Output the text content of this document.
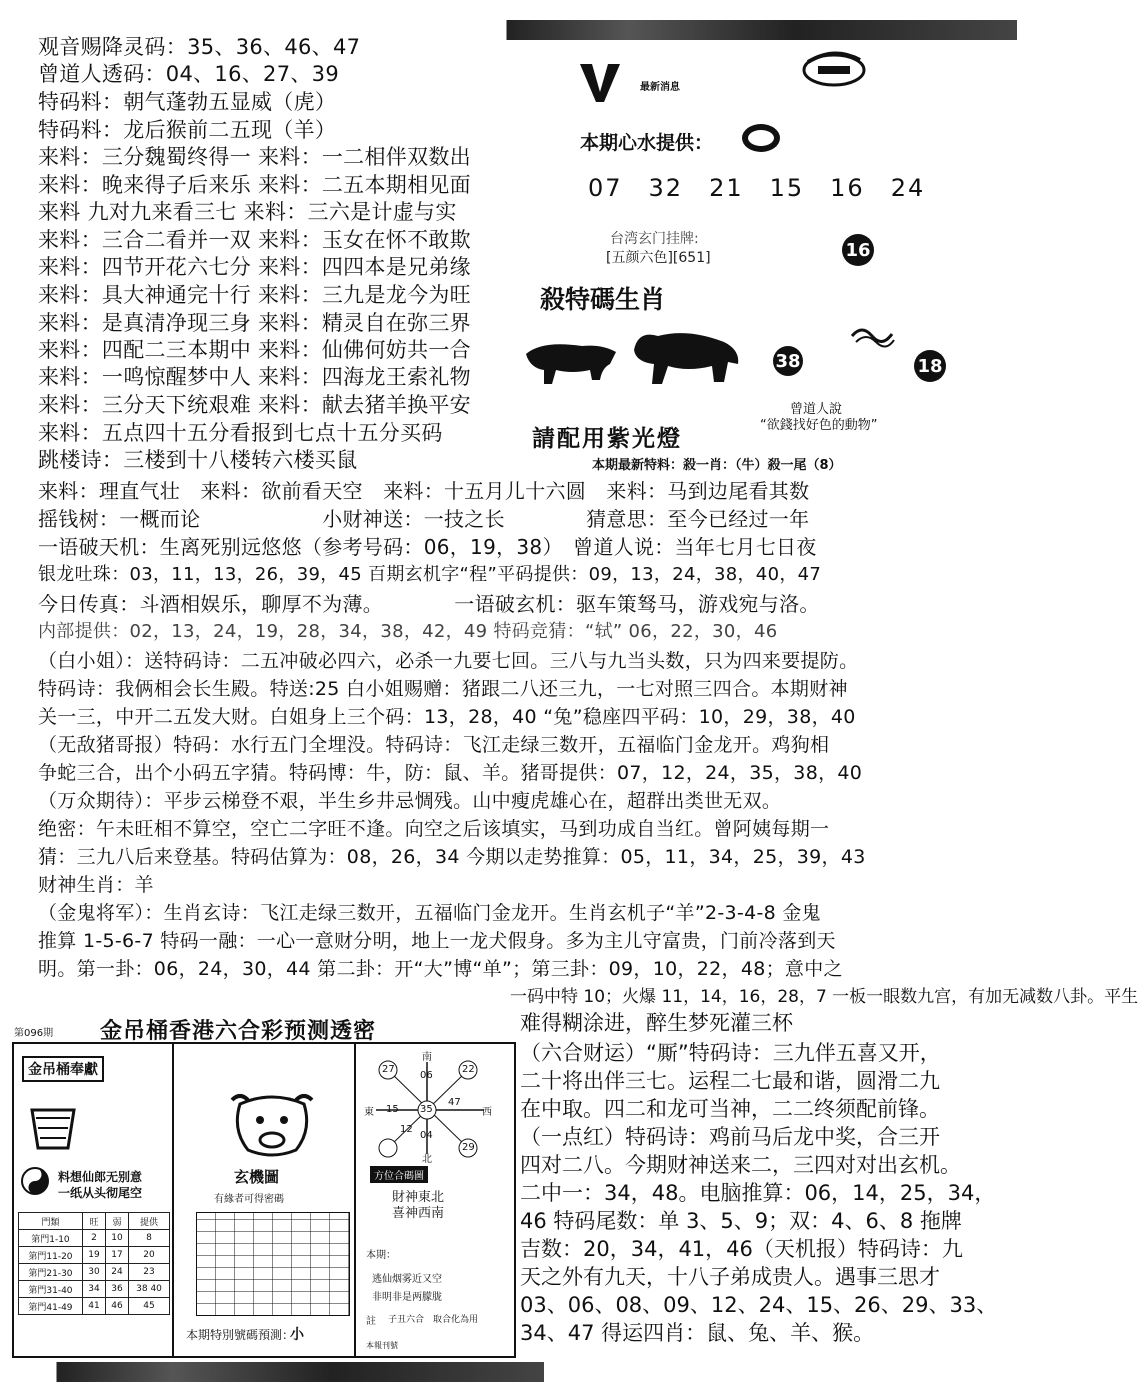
观音赐降灵码：35、36、46、47
曾道人透码：04、16、27、39
特码料：朝气蓬勃五显威（虎）
特码料：龙后猴前二五现（羊）
来料：三分魏蜀终得一 来料：一二相伴双数出
来料：晚来得子后来乐 来料：二五本期相见面
来料 九对九来看三七 来料：三六是计虚与实
来料：三合二看并一双 来料：玉女在怀不敢欺
来料：四节开花六七分 来料：四四本是兄弟缘
来料：具大神通完十行 来料：三九是龙今为旺
来料：是真清净现三身 来料：精灵自在弥三界
来料：四配二三本期中 来料：仙佛何妨共一合
来料：一鸣惊醒梦中人 来料：四海龙王索礼物
来料：三分天下统艰难 来料：献去猪羊换平安
来料：五点四十五分看报到七点十五分买码
跳楼诗：三楼到十八楼转六楼买鼠
最新消息
本期心水提供：
07　32　21　15　16　24
台湾玄门挂牌:
[五颜六色][651]	16
殺特碼生肖
38	18
曾道人說
“欲錢找好色的動物”
請配用紫光燈
本期最新特料：殺一肖：（牛）殺一尾（8）
来料：理直气壮　来料：欲前看天空　来料：十五月儿十六圆　来料：马到边尾看其数
摇钱树：一概而论　　　　　　小财神送：一技之长　　　　猜意思：至今已经过一年
一语破天机：生离死别远悠悠（参考号码：06，19，38）　曾道人说：当年七月七日夜
银龙吐珠：03，11，13，26，39，45 百期玄机字“程”平码提供：09，13，24，38，40，47
今日传真：斗酒相娱乐，聊厚不为薄。　　　　一语破玄机：驱车策驽马，游戏宛与洛。
内部提供：02，13，24，19，28，34，38，42，49 特码竞猜：“轼” 06，22，30，46
（白小姐）：送特码诗：二五冲破必四六，必杀一九要七回。三八与九当头数，只为四来要提防。
特码诗：我俩相会长生殿。特送:25 白小姐赐赠：猪跟二八还三九，一七对照三四合。本期财神
关一三，中开二五发大财。白姐身上三个码：13，28，40 “兔”稳座四平码：10，29，38，40
（无敌猪哥报）特码：水行五门全埋没。特码诗：飞江走绿三数开，五福临门金龙开。鸡狗相
争蛇三合，出个小码五字猜。特码博：牛，防：鼠、羊。猪哥提供：07，12，24，35，38，40
（万众期待）：平步云梯登不艰，半生乡井忌惆残。山中瘦虎雄心在，超群出类世无双。
绝密：午未旺相不算空，空亡二字旺不逢。向空之后该填实，马到功成自当红。曾阿姨每期一
猜：三九八后来登基。特码估算为：08，26，34 今期以走势推算：05，11，34，25，39，43
财神生肖：羊
（金鬼将军）：生肖玄诗：飞江走绿三数开，五福临门金龙开。生肖玄机子“羊”2-3-4-8 金鬼
推算 1-5-6-7 特码一融：一心一意财分明，地上一龙犬假身。多为主儿守富贵，门前冷落到天
明。第一卦：06，24，30，44 第二卦：开“大”博“单”；第三卦：09，10，22，48；意中之
一码中特 10；火爆 11，14，16，28，7 一板一眼数九宫，有加无减数八卦。平生
难得糊涂进，醉生梦死灌三杯
（六合财运）“厮”特码诗：三九伴五喜又开，
二十将出伴三七。运程二七最和谐，圆滑二九
在中取。四二和龙可当神，二二终须配前锋。
（一点红）特码诗：鸡前马后龙中奖，合三开
四对二八。今期财神送来二，三四对对出玄机。
二中一：34，48。电脑推算：06，14，25，34，
46 特码尾数：单 3、5、9；双：4、6、8 拖牌
吉数：20，34，41，46（天机报）特码诗：九
天之外有九天，十八子弟成贵人。遇事三思才
03、06、08、09、12、24、15、26、29、33、
34、47 得运四肖：鼠、兔、羊、猴。
第096期 金吊桶香港六合彩预测透密
金吊桶奉獻
料想仙郎无别意
一纸从头彻尾空
門類	旺	弱	提供
第門1-10	2	10	8
第門11-20	19	17	20
第門21-30	30	24	23
第門31-40	34	36	38 40
第門41-49	41	46	45
玄機圖
有緣者可得密碼
本期特別號碼預測：
小
南
北
東	西
35
27
06
22
15
47
12
04
29
方位合碼圖
財神東北
喜神西南
本期：
逃仙烟雾近又空
非明非是两朦胧
註 子丑六合　取合化為用
本報刊號
